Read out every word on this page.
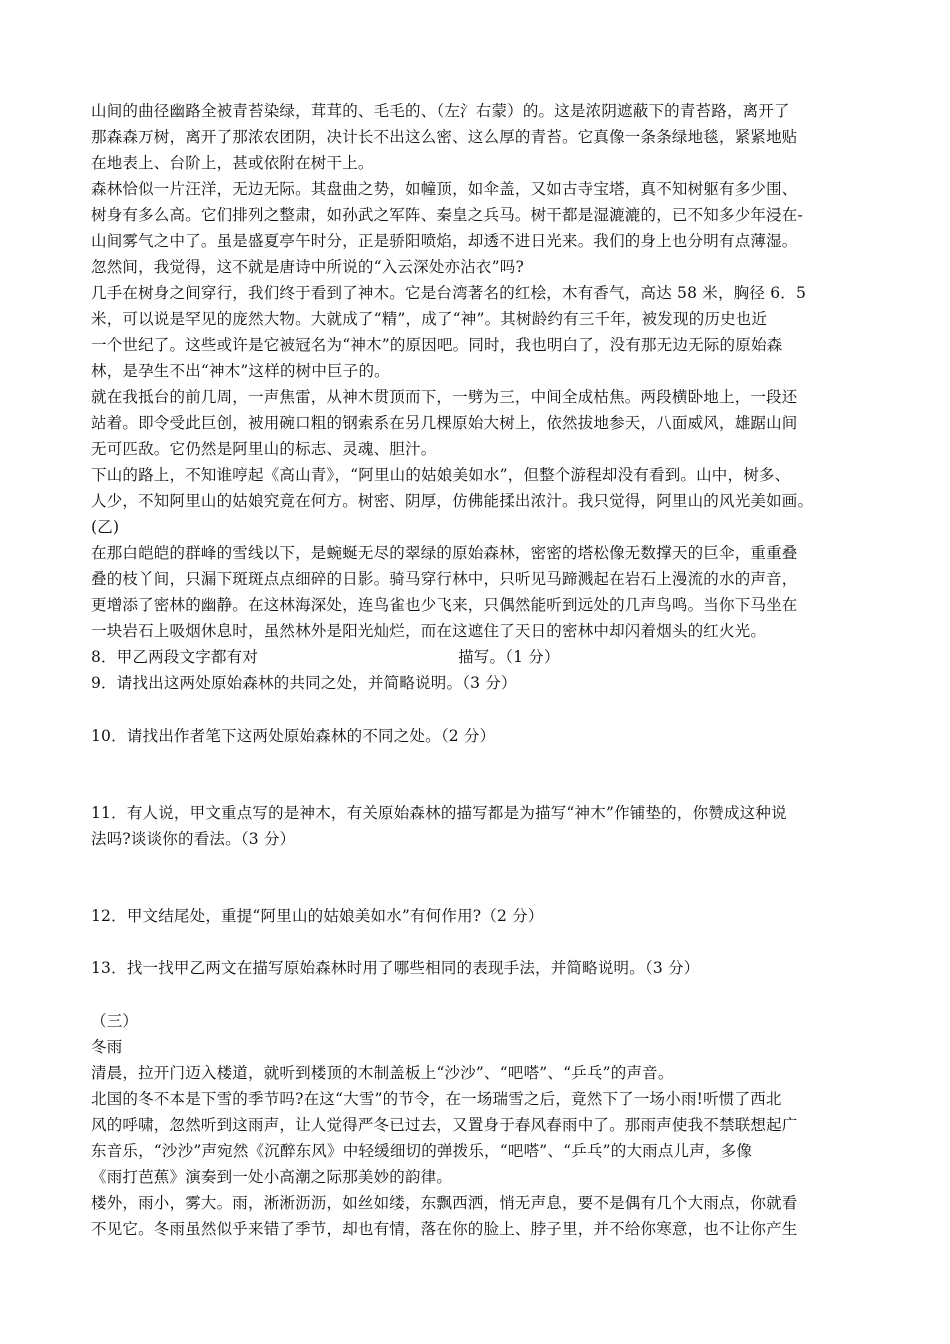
山间的曲径幽路全被青苔染绿，茸茸的、毛毛的、（左氵右蒙）的。这是浓阴遮蔽下的青苔路，离开了
那森森万树，离开了那浓农团阴，决计长不出这么密、这么厚的青苔。它真像一条条绿地毯，紧紧地贴
在地表上、台阶上，甚或依附在树干上。
森林恰似一片汪洋，无边无际。其盘曲之势，如幢顶，如伞盖，又如古寺宝塔，真不知树躯有多少围、
树身有多么高。它们排列之整肃，如孙武之军阵、秦皇之兵马。树干都是湿漉漉的，已不知多少年浸在-
山间雾气之中了。虽是盛夏亭午时分，正是骄阳喷焰，却透不进日光来。我们的身上也分明有点薄湿。
忽然间，我觉得，这不就是唐诗中所说的“入云深处亦沾衣”吗?
几手在树身之间穿行，我们终于看到了神木。它是台湾著名的红桧，木有香气，高达 58 米，胸径 6．5
米，可以说是罕见的庞然大物。大就成了“精”，成了“神”。其树龄约有三千年，被发现的历史也近
一个世纪了。这些或许是它被冠名为“神木”的原因吧。同时，我也明白了，没有那无边无际的原始森
林，是孕生不出“神木”这样的树中巨子的。
就在我抵台的前几周，一声焦雷，从神木贯顶而下，一劈为三，中间全成枯焦。两段横卧地上，一段还
站着。即令受此巨创，被用碗口粗的钢索系在另几棵原始大树上，依然拔地参天，八面威风，雄踞山间
无可匹敌。它仍然是阿里山的标志、灵魂、胆汁。
下山的路上，不知谁哼起《高山青》，“阿里山的姑娘美如水”，但整个游程却没有看到。山中，树多、
人少，不知阿里山的姑娘究竟在何方。树密、阴厚，仿佛能揉出浓汁。我只觉得，阿里山的风光美如画。
(乙)
在那白皑皑的群峰的雪线以下，是蜿蜒无尽的翠绿的原始森林，密密的塔松像无数撑天的巨伞，重重叠
叠的枝丫间，只漏下斑斑点点细碎的日影。骑马穿行林中，只听见马蹄溅起在岩石上漫流的水的声音，
更增添了密林的幽静。在这林海深处，连鸟雀也少飞来，只偶然能听到远处的几声鸟鸣。当你下马坐在
一块岩石上吸烟休息时，虽然林外是阳光灿烂，而在这遮住了天日的密林中却闪着烟头的红火光。
8．甲乙两段文字都有对	描写。（1 分）
9．请找出这两处原始森林的共同之处，并简略说明。（3 分）
10．请找出作者笔下这两处原始森林的不同之处。（2 分）
11．有人说，甲文重点写的是神木，有关原始森林的描写都是为描写“神木”作铺垫的，你赞成这种说
法吗?谈谈你的看法。（3 分）
12．甲文结尾处，重提“阿里山的姑娘美如水”有何作用?（2 分）
13．找一找甲乙两文在描写原始森林时用了哪些相同的表现手法，并简略说明。（3 分）
（三）
冬雨
清晨，拉开门迈入楼道，就听到楼顶的木制盖板上“沙沙”、“吧嗒”、“乒乓”的声音。
北国的冬不本是下雪的季节吗?在这“大雪”的节令，在一场瑞雪之后，竟然下了一场小雨!听惯了西北
风的呼啸，忽然听到这雨声，让人觉得严冬已过去，又置身于春风春雨中了。那雨声使我不禁联想起广
东音乐，“沙沙”声宛然《沉醉东风》中轻缓细切的弹拨乐，“吧嗒”、“乒乓”的大雨点儿声，多像
《雨打芭蕉》演奏到一处小高潮之际那美妙的韵律。
楼外，雨小，雾大。雨，淅淅沥沥，如丝如缕，东飘西洒，悄无声息，要不是偶有几个大雨点，你就看
不见它。冬雨虽然似乎来错了季节，却也有情，落在你的脸上、脖子里，并不给你寒意，也不让你产生
